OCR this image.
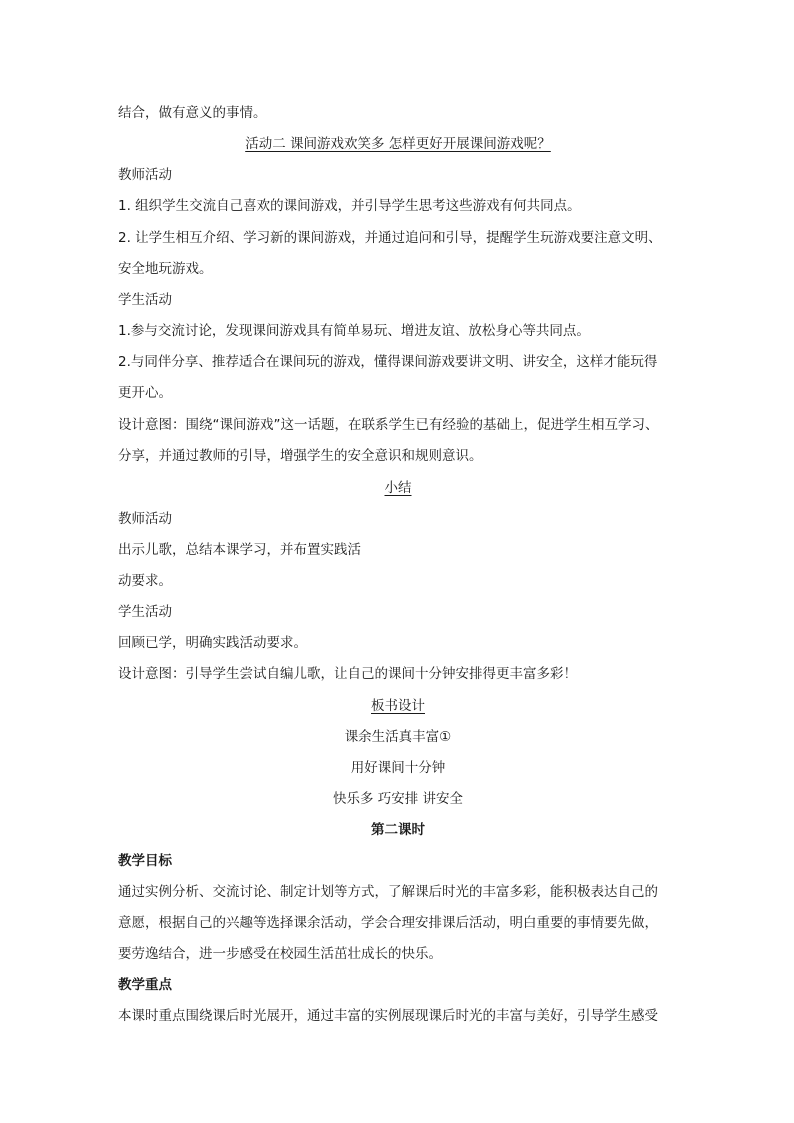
结合，做有意义的事情。
活动二 课间游戏欢笑多 怎样更好开展课间游戏呢？
教师活动
1. 组织学生交流自己喜欢的课间游戏，并引导学生思考这些游戏有何共同点。
2. 让学生相互介绍、学习新的课间游戏，并通过追问和引导，提醒学生玩游戏要注意文明、
安全地玩游戏。
学生活动
1.参与交流讨论，发现课间游戏具有简单易玩、增进友谊、放松身心等共同点。
2.与同伴分享、推荐适合在课间玩的游戏，懂得课间游戏要讲文明、讲安全，这样才能玩得
更开心。
设计意图：围绕“课间游戏”这一话题，在联系学生已有经验的基础上，促进学生相互学习、
分享，并通过教师的引导，增强学生的安全意识和规则意识。
小结
教师活动
出示儿歌，总结本课学习，并布置实践活
动要求。
学生活动
回顾已学，明确实践活动要求。
设计意图：引导学生尝试自编儿歌，让自己的课间十分钟安排得更丰富多彩！
板书设计
课余生活真丰富①
用好课间十分钟
快乐多 巧安排 讲安全
第二课时
教学目标
通过实例分析、交流讨论、制定计划等方式，了解课后时光的丰富多彩，能积极表达自己的
意愿，根据自己的兴趣等选择课余活动，学会合理安排课后活动，明白重要的事情要先做，
要劳逸结合，进一步感受在校园生活茁壮成长的快乐。
教学重点
本课时重点围绕课后时光展开，通过丰富的实例展现课后时光的丰富与美好，引导学生感受
